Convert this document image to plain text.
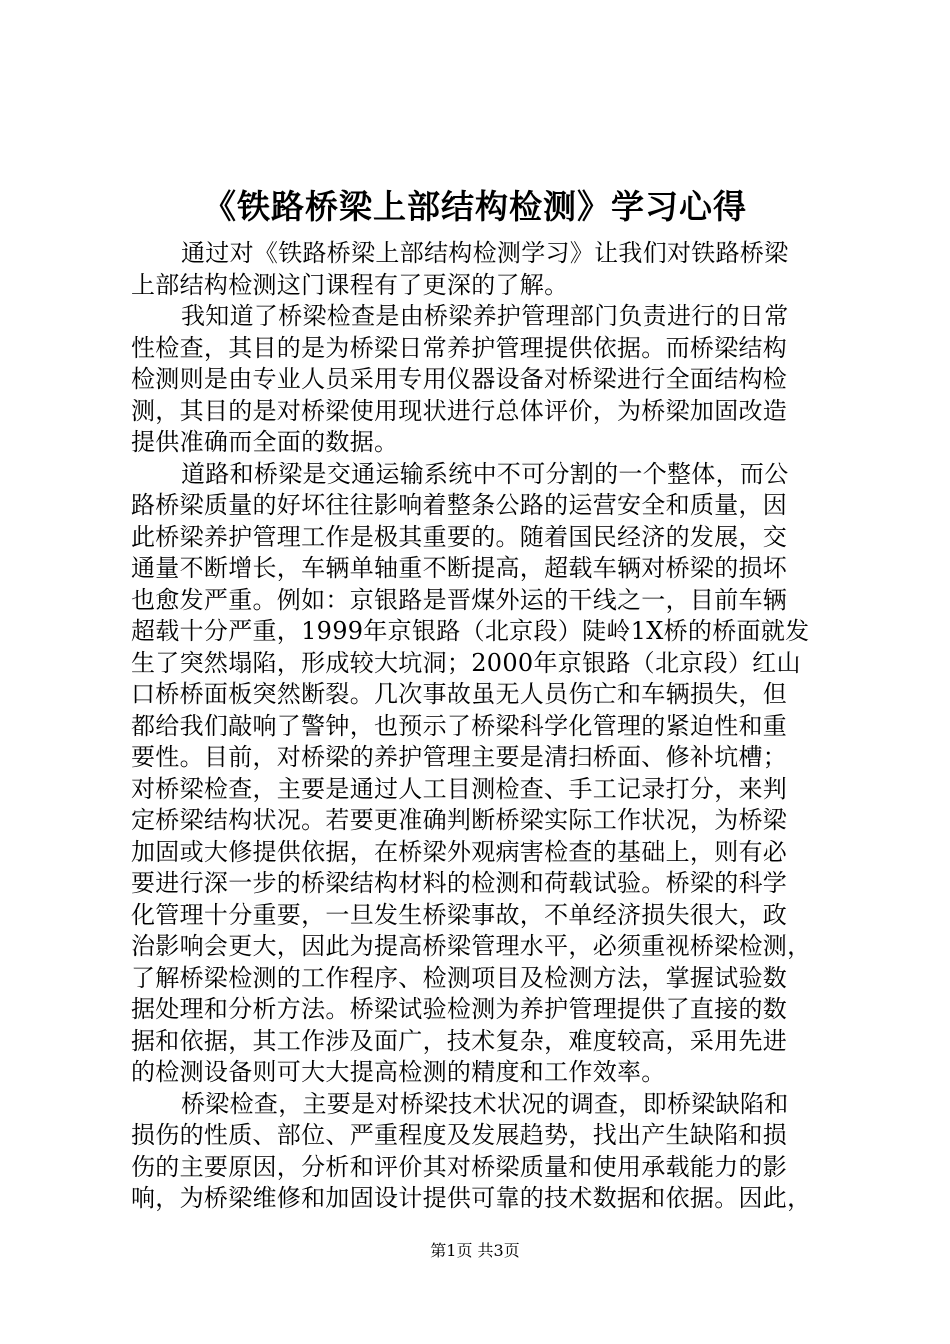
《铁路桥梁上部结构检测》学习心得
通过对《铁路桥梁上部结构检测学习》让我们对铁路桥梁
上部结构检测这门课程有了更深的了解。
我知道了桥梁检查是由桥梁养护管理部门负责进行的日常
性检查，其目的是为桥梁日常养护管理提供依据。而桥梁结构
检测则是由专业人员采用专用仪器设备对桥梁进行全面结构检
测，其目的是对桥梁使用现状进行总体评价，为桥梁加固改造
提供准确而全面的数据。
道路和桥梁是交通运输系统中不可分割的一个整体，而公
路桥梁质量的好坏往往影响着整条公路的运营安全和质量，因
此桥梁养护管理工作是极其重要的。随着国民经济的发展，交
通量不断增长，车辆单轴重不断提高，超载车辆对桥梁的损坏
也愈发严重。例如：京银路是晋煤外运的干线之一，目前车辆
超载十分严重，1999年京银路（北京段）陡岭1X桥的桥面就发
生了突然塌陷，形成较大坑洞；2000年京银路（北京段）红山
口桥桥面板突然断裂。几次事故虽无人员伤亡和车辆损失，但
都给我们敲响了警钟，也预示了桥梁科学化管理的紧迫性和重
要性。目前，对桥梁的养护管理主要是清扫桥面、修补坑槽；
对桥梁检查，主要是通过人工目测检查、手工记录打分，来判
定桥梁结构状况。若要更准确判断桥梁实际工作状况，为桥梁
加固或大修提供依据，在桥梁外观病害检查的基础上，则有必
要进行深一步的桥梁结构材料的检测和荷载试验。桥梁的科学
化管理十分重要，一旦发生桥梁事故，不单经济损失很大，政
治影响会更大，因此为提高桥梁管理水平，必须重视桥梁检测，
了解桥梁检测的工作程序、检测项目及检测方法，掌握试验数
据处理和分析方法。桥梁试验检测为养护管理提供了直接的数
据和依据，其工作涉及面广，技术复杂，难度较高，采用先进
的检测设备则可大大提高检测的精度和工作效率。
桥梁检查，主要是对桥梁技术状况的调查，即桥梁缺陷和
损伤的性质、部位、严重程度及发展趋势，找出产生缺陷和损
伤的主要原因，分析和评价其对桥梁质量和使用承载能力的影
响，为桥梁维修和加固设计提供可靠的技术数据和依据。因此，
第1页 共3页
